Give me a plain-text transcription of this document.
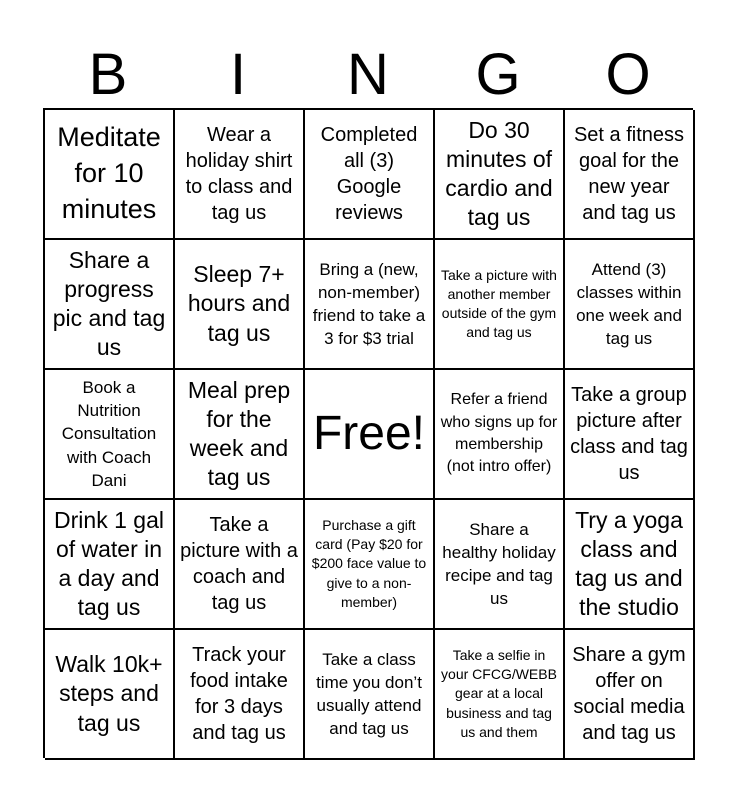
B	I	N	G	O
Meditate for 10 minutes
Wear a holiday shirt to class and tag us
Completed all (3) Google reviews
Do 30 minutes of cardio and tag us
Set a fitness goal for the new year and tag us
Share a progress pic and tag us
Sleep 7+ hours and tag us
Bring a (new, non-member) friend to take a 3 for $3 trial
Take a picture with another member outside of the gym and tag us
Attend (3) classes within one week and tag us
Book a Nutrition Consultation with Coach Dani
Meal prep for the week and tag us
Free!
Refer a friend who signs up for membership (not intro offer)
Take a group picture after class and tag us
Drink 1 gal of water in a day and tag us
Take a picture with a coach and tag us
Purchase a gift card (Pay $20 for $200 face value to give to a non-member)
Share a healthy holiday recipe and tag us
Try a yoga class and tag us and the studio
Walk 10k+ steps and tag us
Track your food intake for 3 days and tag us
Take a class time you don’t usually attend and tag us
Take a selfie in your CFCG/WEBB gear at a local business and tag us and them
Share a gym offer on social media and tag us
